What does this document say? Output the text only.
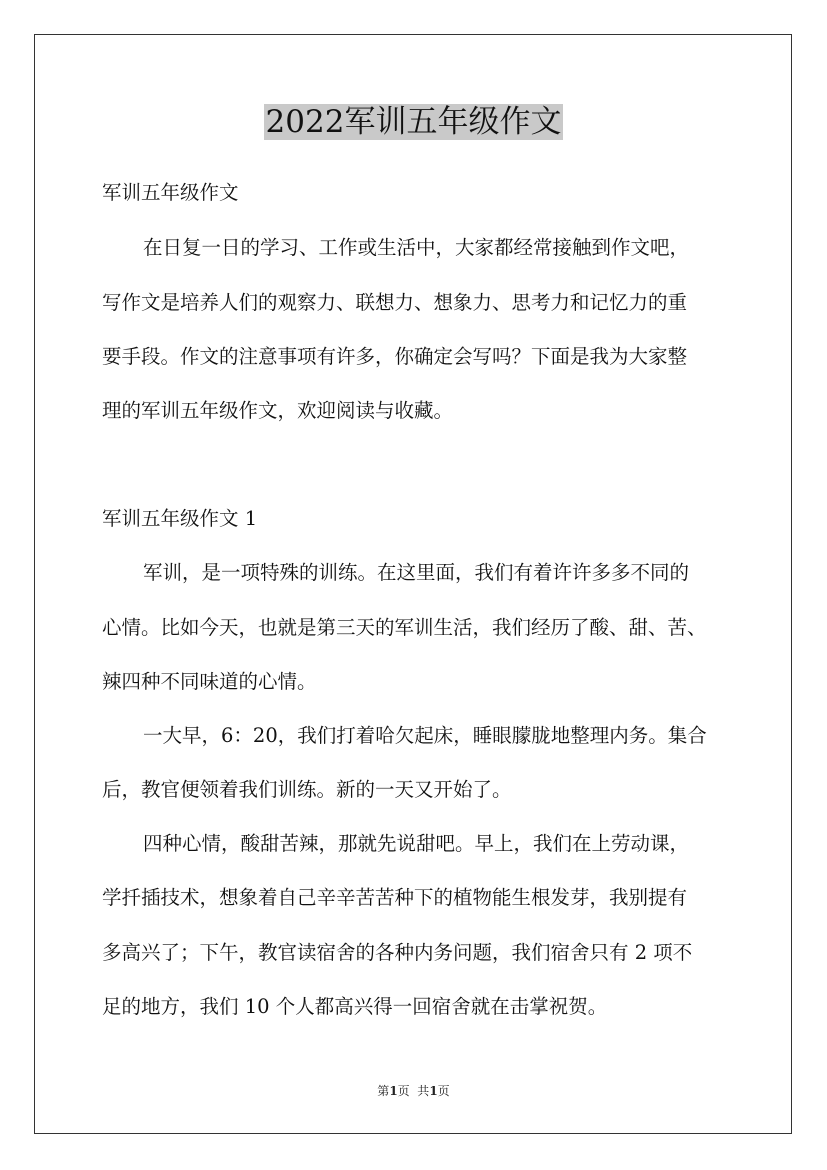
2022军训五年级作文
军训五年级作文
在日复一日的学习、工作或生活中，大家都经常接触到作文吧，
写作文是培养人们的观察力、联想力、想象力、思考力和记忆力的重
要手段。作文的注意事项有许多，你确定会写吗？下面是我为大家整
理的军训五年级作文，欢迎阅读与收藏。
军训五年级作文 1
军训，是一项特殊的训练。在这里面，我们有着许许多多不同的
心情。比如今天，也就是第三天的军训生活，我们经历了酸、甜、苦、
辣四种不同味道的心情。
一大早，6：20，我们打着哈欠起床，睡眼朦胧地整理内务。集合
后，教官便领着我们训练。新的一天又开始了。
四种心情，酸甜苦辣，那就先说甜吧。早上，我们在上劳动课，
学扦插技术，想象着自己辛辛苦苦种下的植物能生根发芽，我别提有
多高兴了；下午，教官读宿舍的各种内务问题，我们宿舍只有 2 项不
足的地方，我们 10 个人都高兴得一回宿舍就在击掌祝贺。
第1页  共1页
